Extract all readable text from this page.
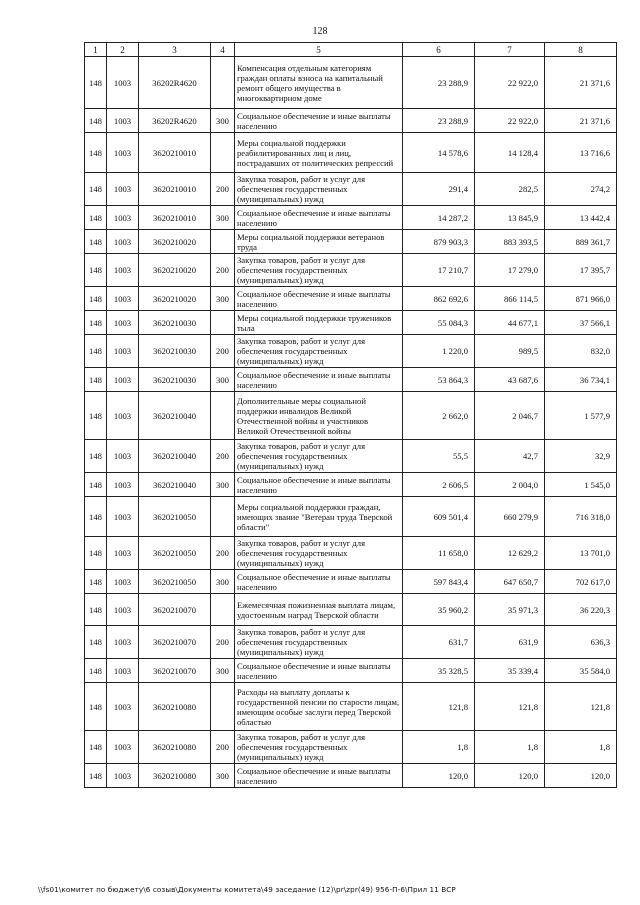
128
1	2	3	4	5	6	7	8
148	1003	36202R4620		Компенсация отдельным категориям граждан оплаты взноса на капитальный ремонт общего имущества в многоквартирном доме	23 288,9	22 922,0	21 371,6
148	1003	36202R4620	300	Социальное обеспечение и иные выплаты населению	23 288,9	22 922,0	21 371,6
148	1003	3620210010		Меры социальной поддержки реабилитированных лиц и лиц, пострадавших от политических репрессий	14 578,6	14 128,4	13 716,6
148	1003	3620210010	200	Закупка товаров, работ и услуг для обеспечения государственных (муниципальных) нужд	291,4	282,5	274,2
148	1003	3620210010	300	Социальное обеспечение и иные выплаты населению	14 287,2	13 845,9	13 442,4
148	1003	3620210020		Меры социальной поддержки ветеранов труда	879 903,3	883 393,5	889 361,7
148	1003	3620210020	200	Закупка товаров, работ и услуг для обеспечения государственных (муниципальных) нужд	17 210,7	17 279,0	17 395,7
148	1003	3620210020	300	Социальное обеспечение и иные выплаты населению	862 692,6	866 114,5	871 966,0
148	1003	3620210030		Меры социальной поддержки тружеников тыла	55 084,3	44 677,1	37 566,1
148	1003	3620210030	200	Закупка товаров, работ и услуг для обеспечения государственных (муниципальных) нужд	1 220,0	989,5	832,0
148	1003	3620210030	300	Социальное обеспечение и иные выплаты населению	53 864,3	43 687,6	36 734,1
148	1003	3620210040		Дополнительные меры социальной поддержки инвалидов Великой Отечественной войны и участников Великой Отечественной войны	2 662,0	2 046,7	1 577,9
148	1003	3620210040	200	Закупка товаров, работ и услуг для обеспечения государственных (муниципальных) нужд	55,5	42,7	32,9
148	1003	3620210040	300	Социальное обеспечение и иные выплаты населению	2 606,5	2 004,0	1 545,0
148	1003	3620210050		Меры социальной поддержки граждан, имеющих звание "Ветеран труда Тверской области"	609 501,4	660 279,9	716 318,0
148	1003	3620210050	200	Закупка товаров, работ и услуг для обеспечения государственных (муниципальных) нужд	11 658,0	12 629,2	13 701,0
148	1003	3620210050	300	Социальное обеспечение и иные выплаты населению	597 843,4	647 650,7	702 617,0
148	1003	3620210070		Ежемесячная пожизненная выплата лицам, удостоенным наград Тверской области	35 960,2	35 971,3	36 220,3
148	1003	3620210070	200	Закупка товаров, работ и услуг для обеспечения государственных (муниципальных) нужд	631,7	631,9	636,3
148	1003	3620210070	300	Социальное обеспечение и иные выплаты населению	35 328,5	35 339,4	35 584,0
148	1003	3620210080		Расходы на выплату доплаты к государственной пенсии по старости лицам, имеющим особые заслуги перед Тверской областью	121,8	121,8	121,8
148	1003	3620210080	200	Закупка товаров, работ и услуг для обеспечения государственных (муниципальных) нужд	1,8	1,8	1,8
148	1003	3620210080	300	Социальное обеспечение и иные выплаты населению	120,0	120,0	120,0
\\fs01\комитет по бюджету\6 созыв\Документы комитета\49 заседание (12)\pr\zpr(49) 956-П-6\Прил 11 ВСР
